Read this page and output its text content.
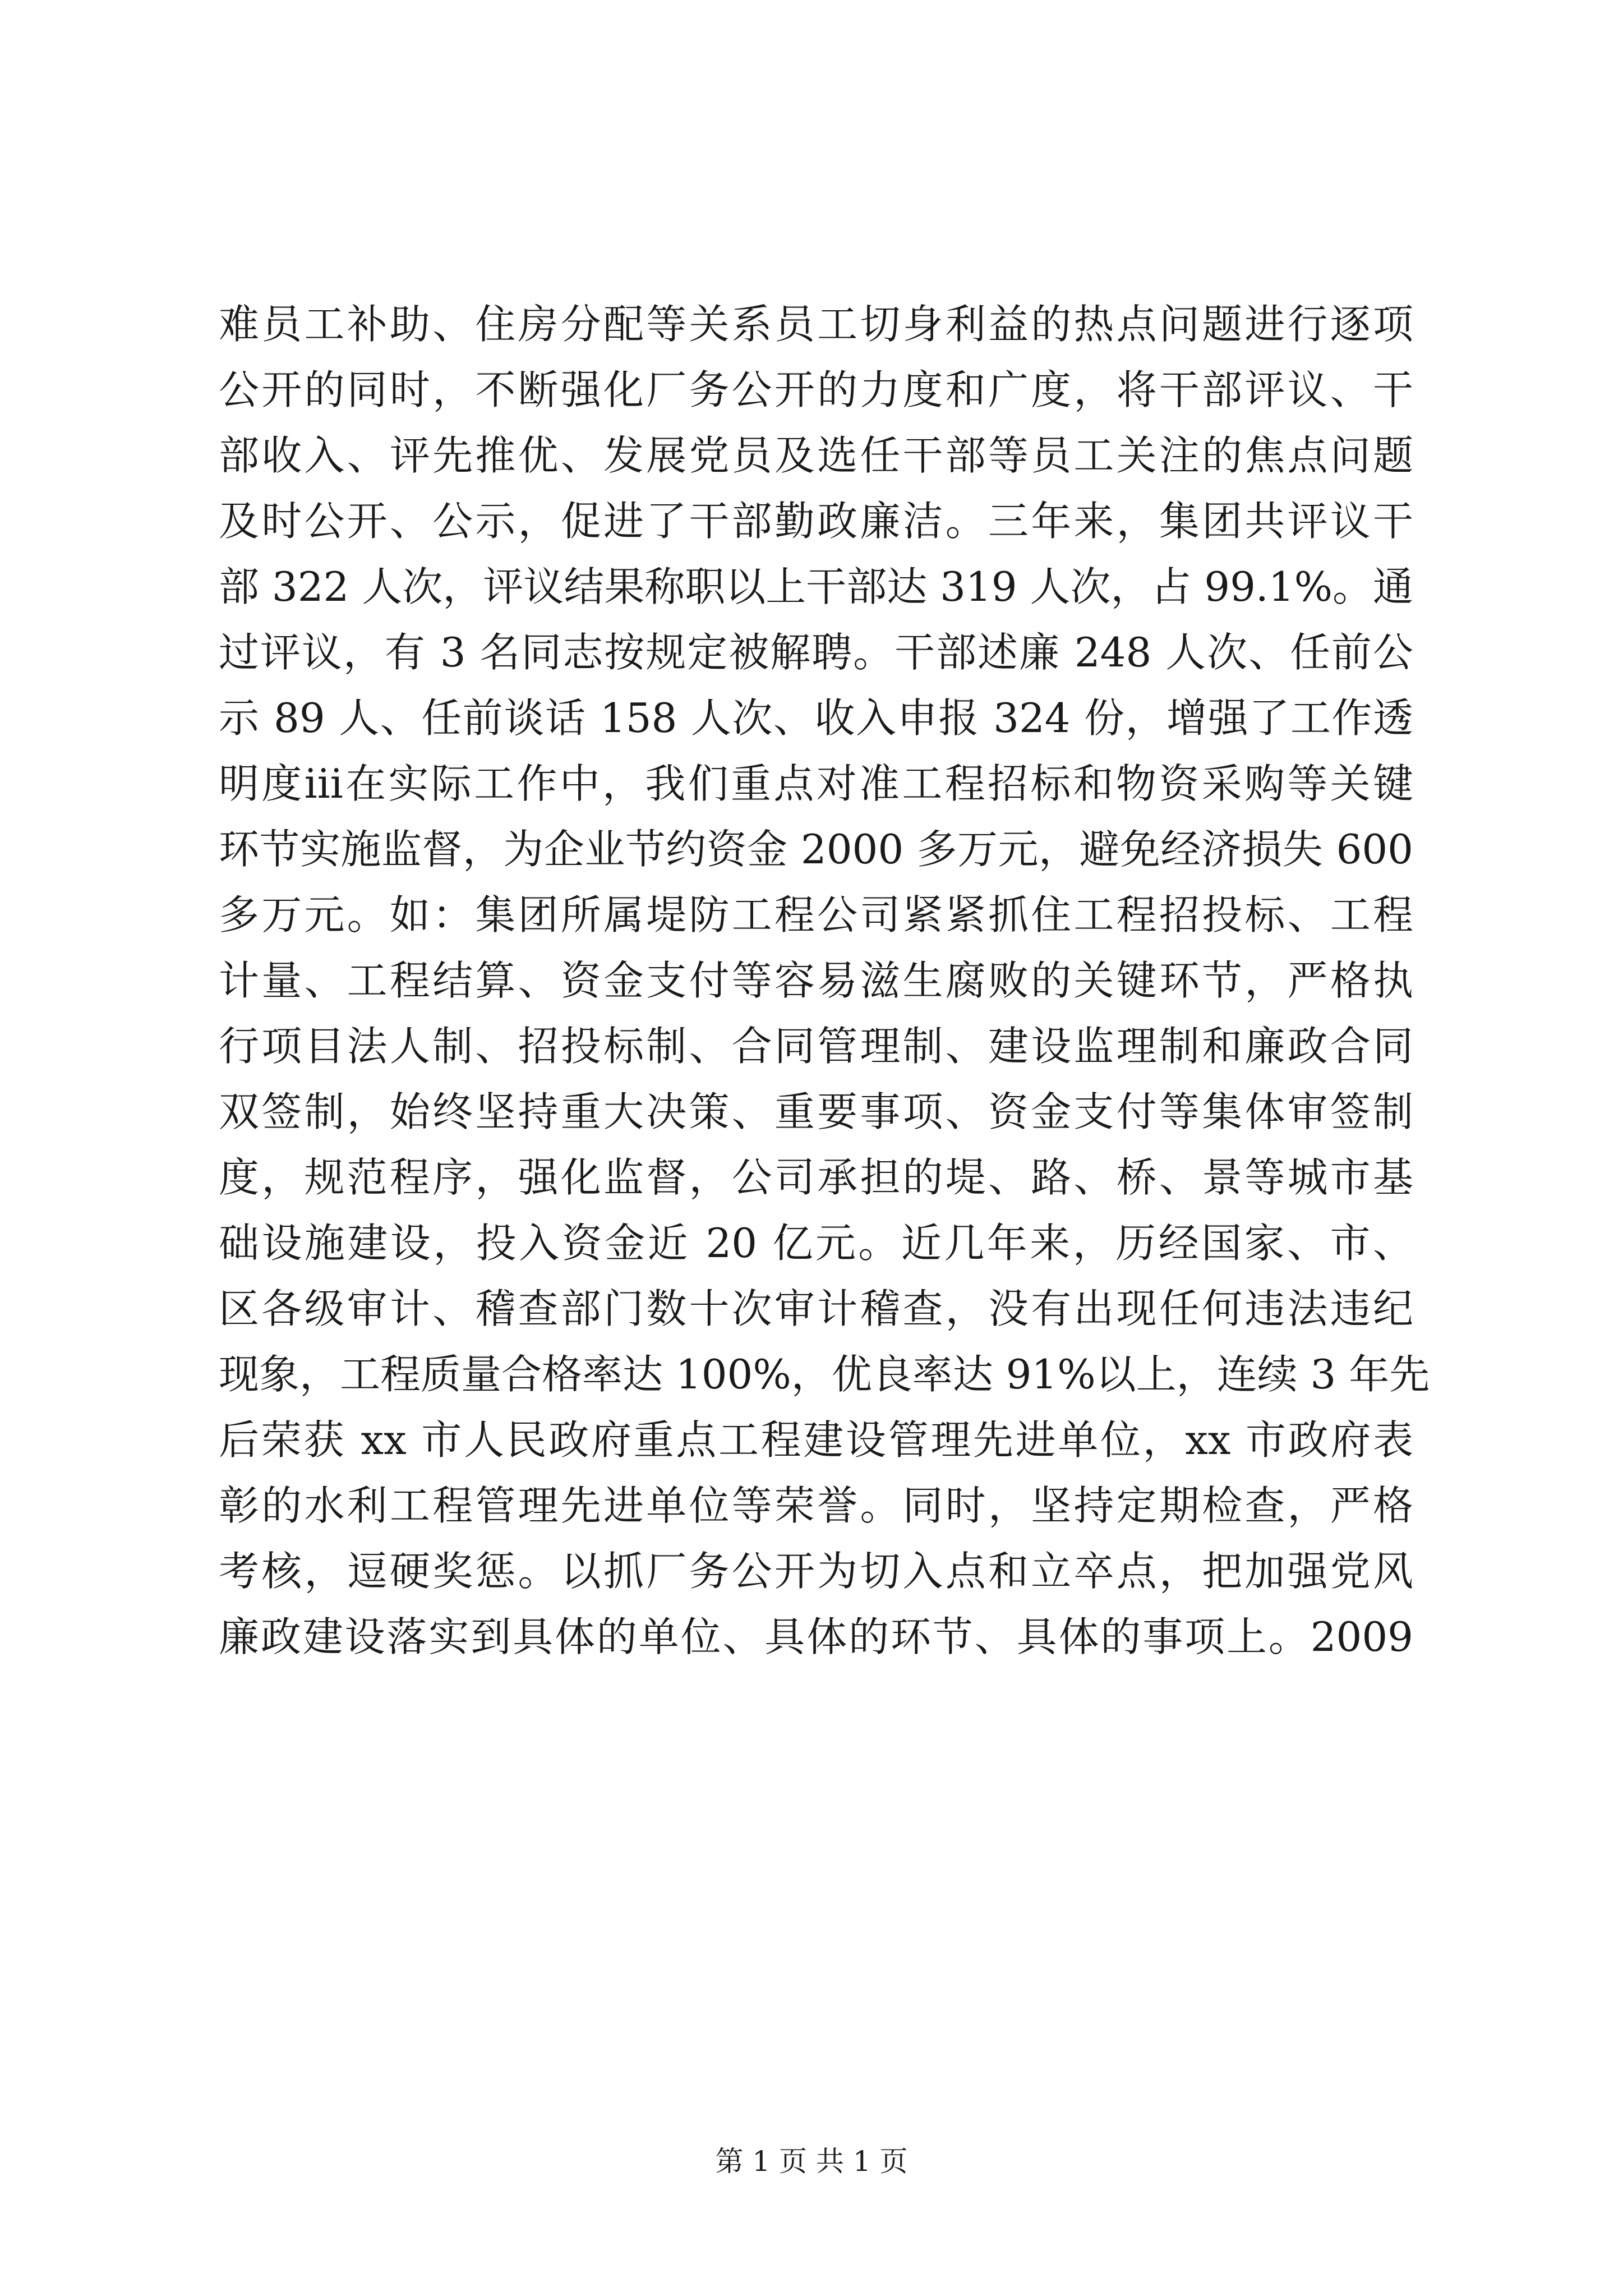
难员工补助、住房分配等关系员工切身利益的热点问题进行逐项
公开的同时，不断强化厂务公开的力度和广度，将干部评议、干
部收入、评先推优、发展党员及选任干部等员工关注的焦点问题
及时公开、公示，促进了干部勤政廉洁。三年来，集团共评议干
部 322 人次，评议结果称职以上干部达 319 人次，占 99.1%。通
过评议，有 3 名同志按规定被解聘。干部述廉 248 人次、任前公
示 89 人、任前谈话 158 人次、收入申报 324 份，增强了工作透
明度ⅲ在实际工作中，我们重点对准工程招标和物资采购等关键
环节实施监督，为企业节约资金 2000 多万元，避免经济损失 600
多万元。如：集团所属堤防工程公司紧紧抓住工程招投标、工程
计量、工程结算、资金支付等容易滋生腐败的关键环节，严格执
行项目法人制、招投标制、合同管理制、建设监理制和廉政合同
双签制，始终坚持重大决策、重要事项、资金支付等集体审签制
度，规范程序，强化监督，公司承担的堤、路、桥、景等城市基
础设施建设，投入资金近 20 亿元。近几年来，历经国家、市、
区各级审计、稽查部门数十次审计稽查，没有出现任何违法违纪
现象，工程质量合格率达 100%，优良率达 91%以上，连续 3 年先
后荣获 xx 市人民政府重点工程建设管理先进单位，xx 市政府表
彰的水利工程管理先进单位等荣誉。同时，坚持定期检查，严格
考核，逗硬奖惩。以抓厂务公开为切入点和立卒点，把加强党风
廉政建设落实到具体的单位、具体的环节、具体的事项上。2009
第 1 页 共 1 页
